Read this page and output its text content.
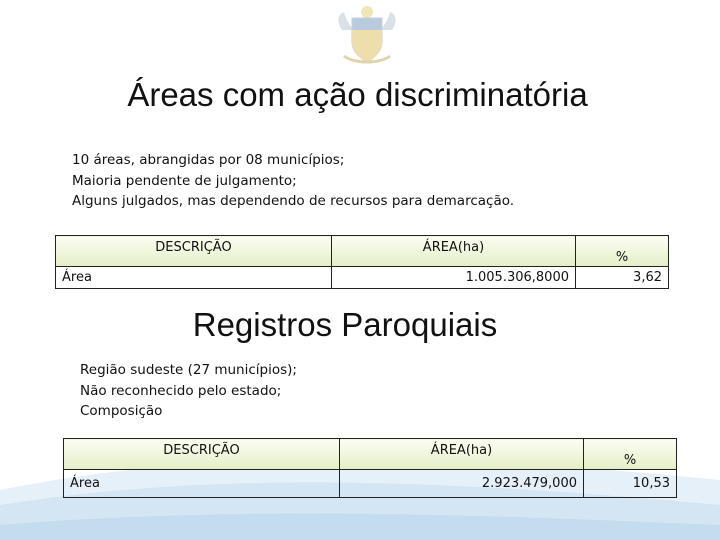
Áreas com ação discriminatória
10 áreas, abrangidas por 08 municípios;
Maioria pendente de julgamento;
Alguns julgados, mas dependendo de recursos para demarcação.
DESCRIÇÃO	ÁREA(ha)	%
Área	1.005.306,8000	3,62
Registros Paroquiais
Região sudeste (27 municípios);
Não reconhecido pelo estado;
Composição
DESCRIÇÃO	ÁREA(ha)	%
Área	2.923.479,000	10,53
